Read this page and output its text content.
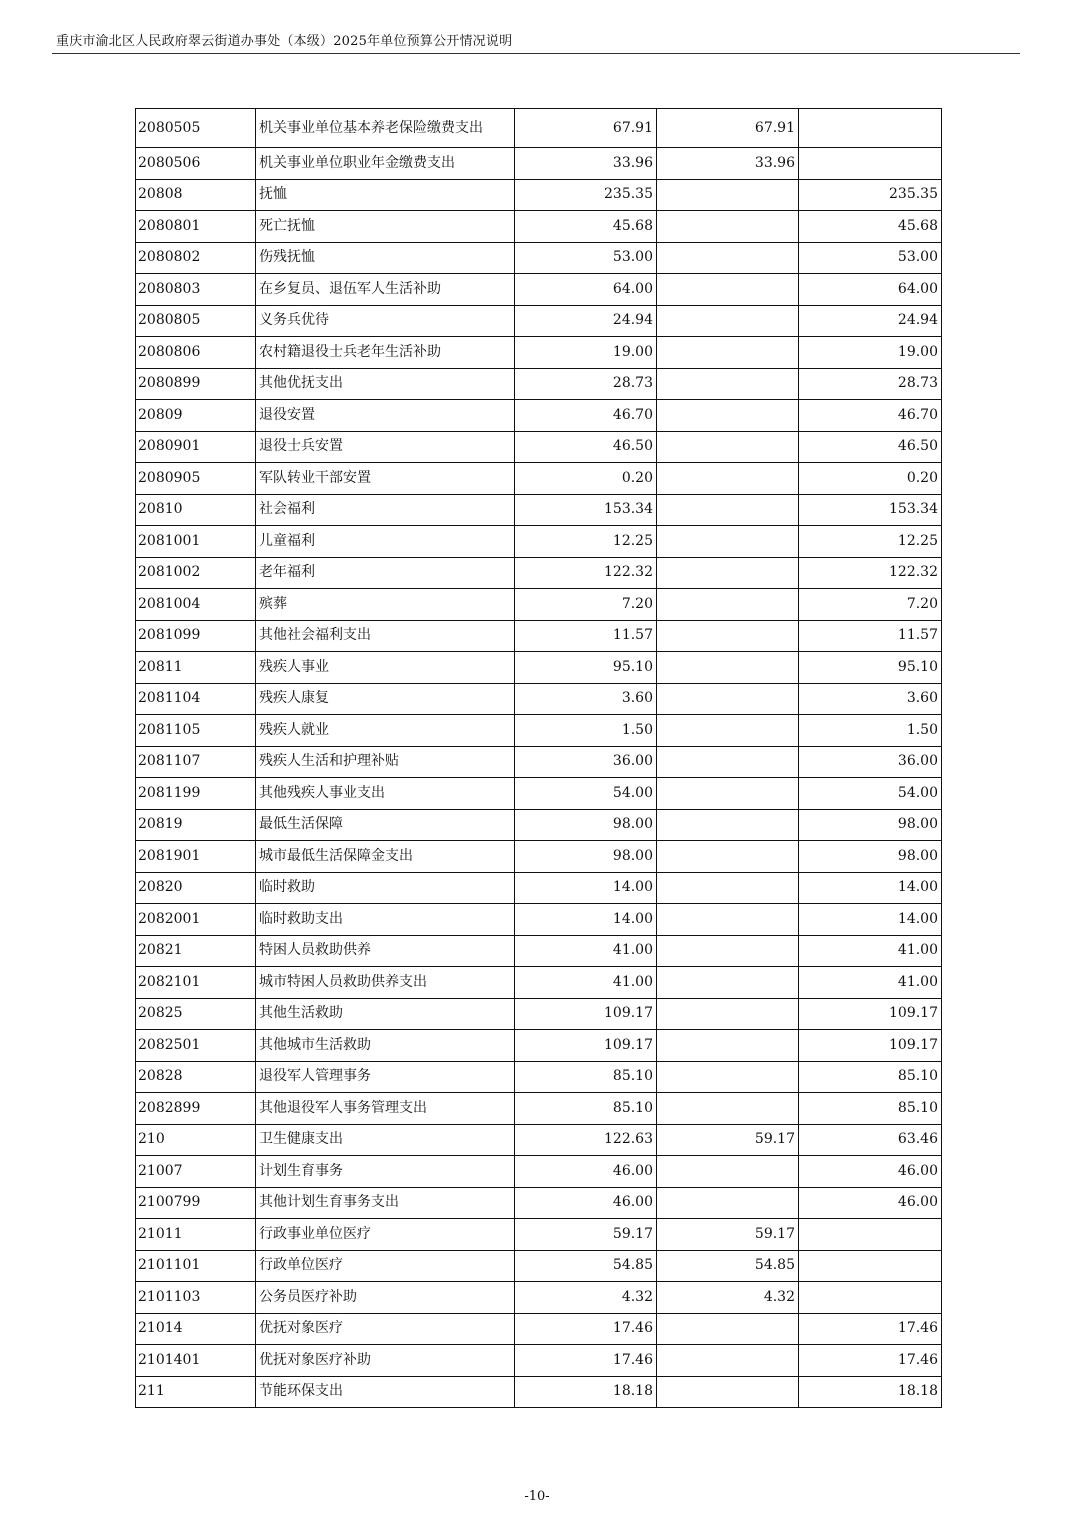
重庆市渝北区人民政府翠云街道办事处（本级）2025年单位预算公开情况说明
2080505	机关事业单位基本养老保险缴费支出	67.91	67.91	
2080506	机关事业单位职业年金缴费支出	33.96	33.96	
20808	抚恤	235.35		235.35
2080801	死亡抚恤	45.68		45.68
2080802	伤残抚恤	53.00		53.00
2080803	在乡复员、退伍军人生活补助	64.00		64.00
2080805	义务兵优待	24.94		24.94
2080806	农村籍退役士兵老年生活补助	19.00		19.00
2080899	其他优抚支出	28.73		28.73
20809	退役安置	46.70		46.70
2080901	退役士兵安置	46.50		46.50
2080905	军队转业干部安置	0.20		0.20
20810	社会福利	153.34		153.34
2081001	儿童福利	12.25		12.25
2081002	老年福利	122.32		122.32
2081004	殡葬	7.20		7.20
2081099	其他社会福利支出	11.57		11.57
20811	残疾人事业	95.10		95.10
2081104	残疾人康复	3.60		3.60
2081105	残疾人就业	1.50		1.50
2081107	残疾人生活和护理补贴	36.00		36.00
2081199	其他残疾人事业支出	54.00		54.00
20819	最低生活保障	98.00		98.00
2081901	城市最低生活保障金支出	98.00		98.00
20820	临时救助	14.00		14.00
2082001	临时救助支出	14.00		14.00
20821	特困人员救助供养	41.00		41.00
2082101	城市特困人员救助供养支出	41.00		41.00
20825	其他生活救助	109.17		109.17
2082501	其他城市生活救助	109.17		109.17
20828	退役军人管理事务	85.10		85.10
2082899	其他退役军人事务管理支出	85.10		85.10
210	卫生健康支出	122.63	59.17	63.46
21007	计划生育事务	46.00		46.00
2100799	其他计划生育事务支出	46.00		46.00
21011	行政事业单位医疗	59.17	59.17	
2101101	行政单位医疗	54.85	54.85	
2101103	公务员医疗补助	4.32	4.32	
21014	优抚对象医疗	17.46		17.46
2101401	优抚对象医疗补助	17.46		17.46
211	节能环保支出	18.18		18.18
-10-
